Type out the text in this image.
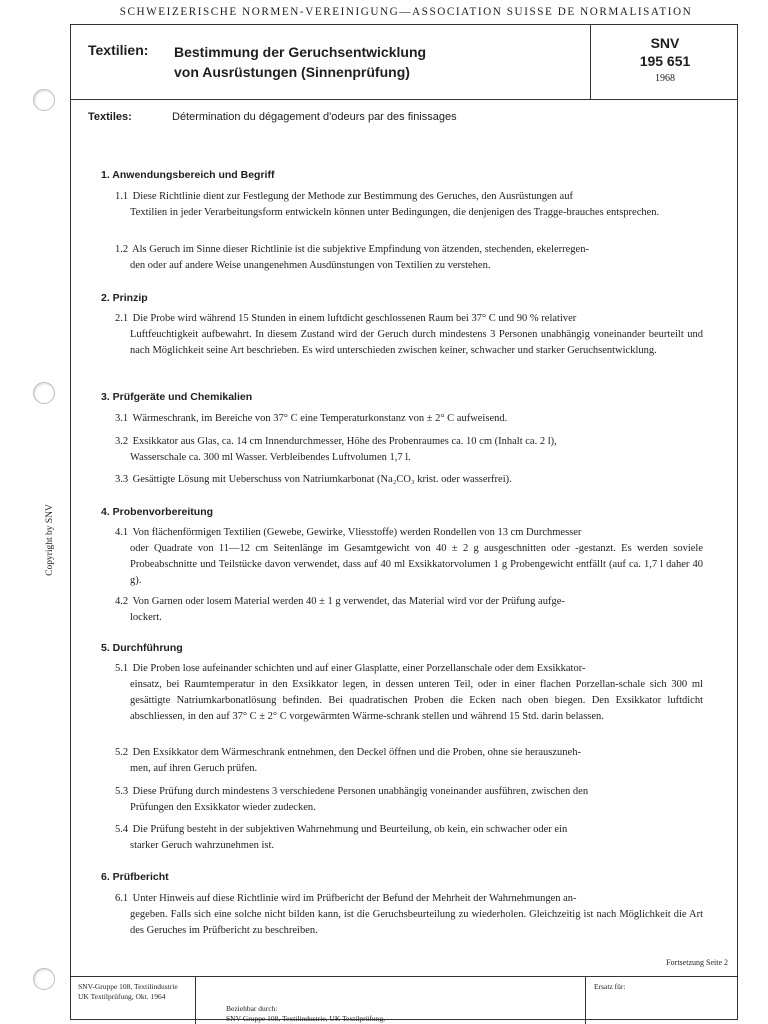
Copyright by SNV
SCHWEIZERISCHE NORMEN-VEREINIGUNG—ASSOCIATION SUISSE DE NORMALISATION
Textilien: Bestimmung der Geruchsentwicklung
von Ausrüstungen (Sinnenprüfung)
SNV
195 651
1968
Textiles:	Détermination du dégagement d'odeurs par des finissages
1. Anwendungsbereich und Begriff
1.1 Diese Richtlinie dient zur Festlegung der Methode zur Bestimmung des Geruches, den Ausrüstungen auf
Textilien in jeder Verarbeitungsform entwickeln können unter Bedingungen, die denjenigen des Tragge-brauches entsprechen.
1.2 Als Geruch im Sinne dieser Richtlinie ist die subjektive Empfindung von ätzenden, stechenden, ekelerregen-
den oder auf andere Weise unangenehmen Ausdünstungen von Textilien zu verstehen.
2. Prinzip
2.1 Die Probe wird während 15 Stunden in einem luftdicht geschlossenen Raum bei 37° C und 90 % relativer
Luftfeuchtigkeit aufbewahrt. In diesem Zustand wird der Geruch durch mindestens 3 Personen unabhängig voneinander beurteilt und nach Möglichkeit seine Art beschrieben. Es wird unterschieden zwischen keiner, schwacher und starker Geruchsentwicklung.
3. Prüfgeräte und Chemikalien
3.1 Wärmeschrank, im Bereiche von 37° C eine Temperaturkonstanz von ± 2° C aufweisend.
3.2 Exsikkator aus Glas, ca. 14 cm Innendurchmesser, Höhe des Probenraumes ca. 10 cm (Inhalt ca. 2 l),
Wasserschale ca. 300 ml Wasser. Verbleibendes Luftvolumen 1,7 l.
3.3 Gesättigte Lösung mit Ueberschuss von Natriumkarbonat (Na₂CO₃ krist. oder wasserfrei).
4. Probenvorbereitung
4.1 Von flächenförmigen Textilien (Gewebe, Gewirke, Vliesstoffe) werden Rondellen von 13 cm Durchmesser
oder Quadrate von 11—12 cm Seitenlänge im Gesamtgewicht von 40 ± 2 g ausgeschnitten oder -gestanzt. Es werden soviele Probeabschnitte und Teilstücke davon verwendet, dass auf 40 ml Exsikkatorvolumen 1 g Probengewicht entfällt (auf ca. 1,7 l daher 40 g).
4.2 Von Garnen oder losem Material werden 40 ± 1 g verwendet, das Material wird vor der Prüfung aufge-
lockert.
5. Durchführung
5.1 Die Proben lose aufeinander schichten und auf einer Glasplatte, einer Porzellanschale oder dem Exsikkator-
einsatz, bei Raumtemperatur in den Exsikkator legen, in dessen unteren Teil, oder in einer flachen Porzellan-schale sich 300 ml gesättigte Natriumkarbonatlösung befinden. Bei quadratischen Proben die Ecken nach oben biegen. Den Exsikkator luftdicht abschliessen, in den auf 37° C ± 2° C vorgewärmten Wärme-schrank stellen und während 15 Std. darin belassen.
5.2 Den Exsikkator dem Wärmeschrank entnehmen, den Deckel öffnen und die Proben, ohne sie herauszuneh-
men, auf ihren Geruch prüfen.
5.3 Diese Prüfung durch mindestens 3 verschiedene Personen unabhängig voneinander ausführen, zwischen den
Prüfungen den Exsikkator wieder zudecken.
5.4 Die Prüfung besteht in der subjektiven Wahrnehmung und Beurteilung, ob kein, ein schwacher oder ein
starker Geruch wahrzunehmen ist.
6. Prüfbericht
6.1 Unter Hinweis auf diese Richtlinie wird im Prüfbericht der Befund der Mehrheit der Wahrnehmungen an-
gegeben. Falls sich eine solche nicht bilden kann, ist die Geruchsbeurteilung zu wiederholen. Gleichzeitig ist nach Möglichkeit die Art des Geruches im Prüfbericht zu beschreiben.
Fortsetzung Seite 2
SNV-Gruppe 108, Textilindustrie
UK Textilprüfung, Okt. 1964
Beziehbar durch:
SNV-Gruppe 108, Textilindustrie, UK Textilprüfung,
Ersatz für:
